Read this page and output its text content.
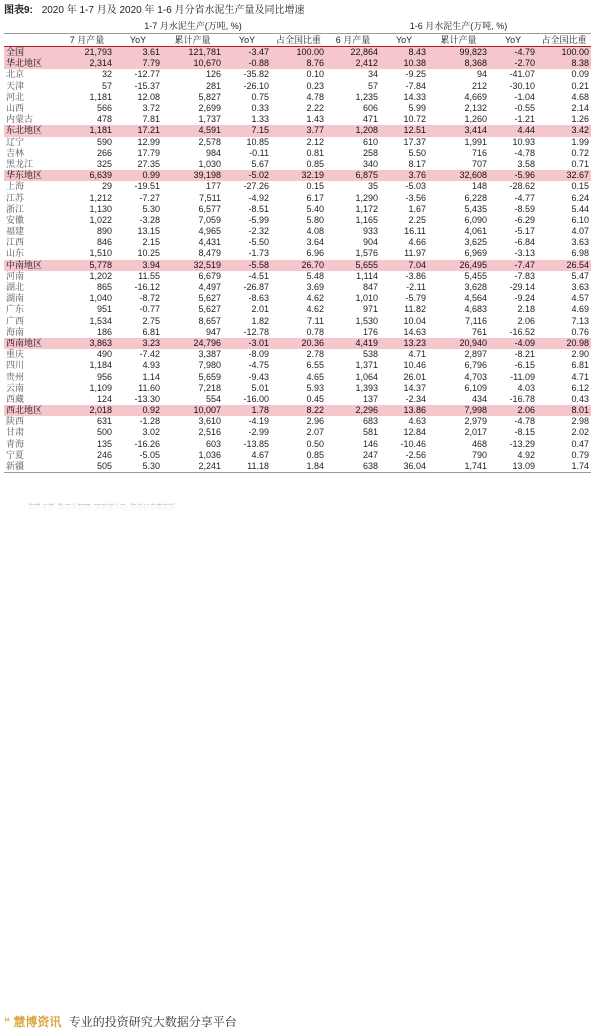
图表9: 2020 年 1-7 月及 2020 年 1-6 月分省水泥生产量及同比增速
	1-7 月水泥生产(万吨, %)					1-6 月水泥生产(万吨, %)				
	7 月产量	YoY	累计产量	YoY	占全国比重	6 月产量	YoY	累计产量	YoY	占全国比重
全国	21,793	3.61	121,781	-3.47	100.00	22,864	8.43	99,823	-4.79	100.00
华北地区	2,314	7.79	10,670	-0.88	8.76	2,412	10.38	8,368	-2.70	8.38
北京	32	-12.77	126	-35.82	0.10	34	-9.25	94	-41.07	0.09
天津	57	-15.37	281	-26.10	0.23	57	-7.84	212	-30.10	0.21
河北	1,181	12.08	5,827	0.75	4.78	1,235	14.33	4,669	-1.04	4.68
山西	566	3.72	2,699	0.33	2.22	606	5.99	2,132	-0.55	2.14
内蒙古	478	7.81	1,737	1.33	1.43	471	10.72	1,260	-1.21	1.26
东北地区	1,181	17.21	4,591	7.15	3.77	1,208	12.51	3,414	4.44	3.42
辽宁	590	12.99	2,578	10.85	2.12	610	17.37	1,991	10.93	1.99
吉林	266	17.79	984	-0.11	0.81	258	5.50	716	-4.78	0.72
黑龙江	325	27.35	1,030	5.67	0.85	340	8.17	707	3.58	0.71
华东地区	6,639	0.99	39,198	-5.02	32.19	6,875	3.76	32,608	-5.96	32.67
上海	29	-19.51	177	-27.26	0.15	35	-5.03	148	-28.62	0.15
江苏	1,212	-7.27	7,511	-4.92	6.17	1,290	-3.56	6,228	-4.77	6.24
浙江	1,130	5.30	6,577	-8.51	5.40	1,172	1.67	5,435	-8.59	5.44
安徽	1,022	-3.28	7,059	-5.99	5.80	1,165	2.25	6,090	-6.29	6.10
福建	890	13.15	4,965	-2.32	4.08	933	16.11	4,061	-5.17	4.07
江西	846	2.15	4,431	-5.50	3.64	904	4.66	3,625	-6.84	3.63
山东	1,510	10.25	8,479	-1.73	6.96	1,576	11.97	6,969	-3.13	6.98
中南地区	5,778	3.94	32,519	-5.58	26.70	5,655	7.04	26,495	-7.47	26.54
河南	1,202	11.55	6,679	-4.51	5.48	1,114	-3.86	5,455	-7.83	5.47
湖北	865	-16.12	4,497	-26.87	3.69	847	-2.11	3,628	-29.14	3.63
湖南	1,040	-8.72	5,627	-8.63	4.62	1,010	-5.79	4,564	-9.24	4.57
广东	951	-0.77	5,627	2.01	4.62	971	11.82	4,683	2.18	4.69
广西	1,534	2.75	8,657	1.82	7.11	1,530	10.04	7,116	2.06	7.13
海南	186	6.81	947	-12.78	0.78	176	14.63	761	-16.52	0.76
西南地区	3,863	3.23	24,796	-3.01	20.36	4,419	13.23	20,940	-4.09	20.98
重庆	490	-7.42	3,387	-8.09	2.78	538	4.71	2,897	-8.21	2.90
四川	1,184	4.93	7,980	-4.75	6.55	1,371	10.46	6,796	-6.15	6.81
贵州	956	1.14	5,659	-9.43	4.65	1,064	26.01	4,703	-11.09	4.71
云南	1,109	11.60	7,218	5.01	5.93	1,393	14.37	6,109	4.03	6.12
西藏	124	-13.30	554	-16.00	0.45	137	-2.34	434	-16.78	0.43
西北地区	2,018	0.92	10,007	1.78	8.22	2,296	13.86	7,998	2.06	8.01
陕西	631	-1.28	3,610	-4.19	2.96	683	4.63	2,979	-4.78	2.98
甘肃	500	3.02	2,516	-2.99	2.07	581	12.84	2,017	-8.15	2.02
青海	135	-16.26	603	-13.85	0.50	146	-10.46	468	-13.29	0.47
宁夏	246	-5.05	1,036	4.67	0.85	247	-2.56	790	4.92	0.79
新疆	505	5.30	2,241	11.18	1.84	638	36.04	1,741	13.09	1.74
“ 慧博资讯 专业的投资研究大数据分享平台
